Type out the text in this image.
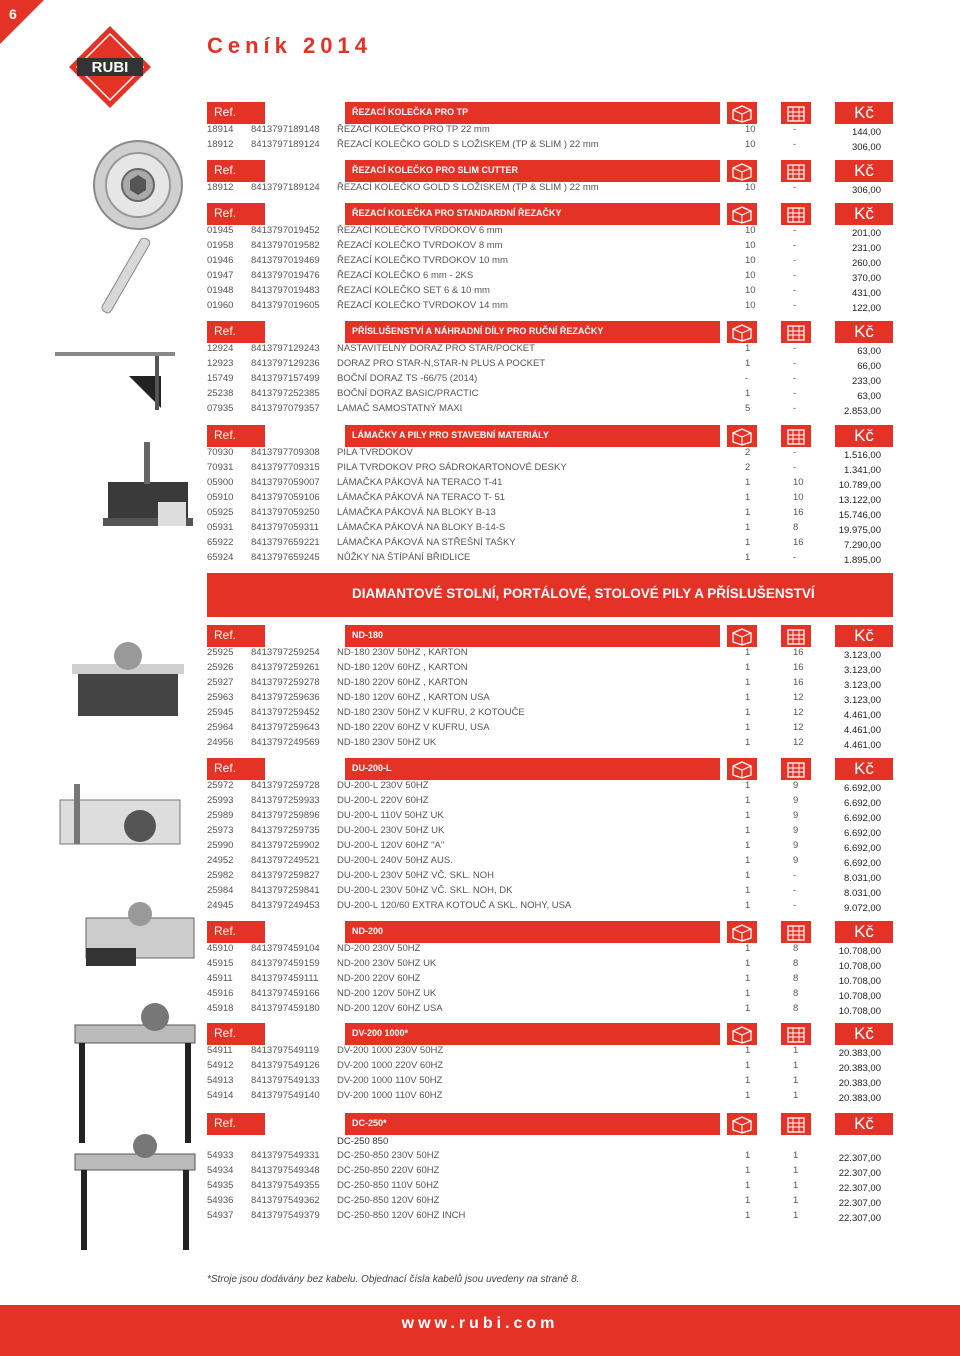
6
RUBI
Ceník 2014
Ref.
9348019890
ŘEZACÍ KOLEČKA PRO TP	Kč
18914 8413797189148 ŘEZACÍ KOLEČKO PRO TP 22 mm	10	-	144,00
18912 8413797189124 ŘEZACÍ KOLEČKO GOLD S LOŽISKEM (TP & SLIM ) 22 mm	10	-	306,00
Ref.
9348019890
ŘEZACÍ KOLEČKO PRO SLIM CUTTER	Kč
18912 8413797189124 ŘEZACÍ KOLEČKO GOLD S LOŽISKEM (TP & SLIM ) 22 mm	10	-	306,00
Ref.
9348019890
ŘEZACÍ KOLEČKA PRO STANDARDNÍ ŘEZAČKY	Kč
01945 8413797019452 ŘEZACÍ KOLEČKO TVRDOKOV 6 mm	10	-	201,00
01958 8413797019582 ŘEZACÍ KOLEČKO TVRDOKOV 8 mm	10	-	231,00
01946 8413797019469 ŘEZACÍ KOLEČKO TVRDOKOV 10 mm	10	-	260,00
01947 8413797019476 ŘEZACÍ KOLEČKO 6 mm - 2KS	10	-	370,00
01948 8413797019483 ŘEZACÍ KOLEČKO SET 6 & 10 mm	10	-	431,00
01960 8413797019605 ŘEZACÍ KOLEČKO TVRDOKOV 14 mm	10	-	122,00
Ref.
9348019890
PŘÍSLUŠENSTVÍ A NÁHRADNÍ DÍLY PRO RUČNÍ ŘEZAČKY	Kč
12924 8413797129243 NASTAVITELNÝ DORAZ PRO STAR/POCKET	1	-	63,00
12923 8413797129236 DORAZ PRO STAR-N,STAR-N PLUS A POCKET	1	-	66,00
15749 8413797157499 BOČNÍ DORAZ TS -66/75 (2014)	-	-	233,00
25238 8413797252385 BOČNÍ DORAZ BASIC/PRACTIC	1	-	63,00
07935 8413797079357 LAMAČ SAMOSTATNÝ MAXI	5	-	2.853,00
Ref.
9348019890
LÁMAČKY A PILY PRO STAVEBNÍ MATERIÁLY	Kč
70930 8413797709308 PILA TVRDOKOV	2	-	1.516,00
70931 8413797709315 PILA TVRDOKOV PRO SÁDROKARTONOVÉ DESKY	2	-	1.341,00
05900 8413797059007 LÁMAČKA PÁKOVÁ NA TERACO T-41	1	10	10.789,00
05910 8413797059106 LÁMAČKA PÁKOVÁ NA TERACO T- 51	1	10	13.122,00
05925 8413797059250 LÁMAČKA PÁKOVÁ NA BLOKY B-13	1	16	15.746,00
05931 8413797059311 LÁMAČKA PÁKOVÁ NA BLOKY B-14-S	1	8	19.975,00
65922 8413797659221 LÁMAČKA PÁKOVÁ NA STŘEŠNÍ TAŠKY	1	16	7.290,00
65924 8413797659245 NŮŽKY NA ŠTÍPÁNÍ BŘIDLICE	1	-	1.895,00
Ref.
9348019890
ND-180	Kč
25925 8413797259254 ND-180 230V 50HZ , KARTON	1	16	3.123,00
25926 8413797259261 ND-180 120V 60HZ , KARTON	1	16	3.123,00
25927 8413797259278 ND-180 220V 60HZ , KARTON	1	16	3.123,00
25963 8413797259636 ND-180 120V 60HZ , KARTON USA	1	12	3.123,00
25945 8413797259452 ND-180 230V 50HZ V KUFRU, 2 KOTOUČE	1	12	4.461,00
25964 8413797259643 ND-180 220V 60HZ V KUFRU, USA	1	12	4.461,00
24956 8413797249569 ND-180 230V 50HZ UK	1	12	4.461,00
Ref.
9348019890
DU-200-L	Kč
25972 8413797259728 DU-200-L 230V 50HZ	1	9	6.692,00
25993 8413797259933 DU-200-L 220V 60HZ	1	9	6.692,00
25989 8413797259896 DU-200-L 110V 50HZ UK	1	9	6.692,00
25973 8413797259735 DU-200-L 230V 50HZ UK	1	9	6.692,00
25990 8413797259902 DU-200-L 120V 60HZ "A"	1	9	6.692,00
24952 8413797249521 DU-200-L 240V 50HZ AUS.	1	9	6.692,00
25982 8413797259827 DU-200-L 230V 50HZ VČ. SKL. NOH	1	-	8.031,00
25984 8413797259841 DU-200-L 230V 50HZ VČ. SKL. NOH, DK	1	-	8.031,00
24945 8413797249453 DU-200-L 120/60 EXTRA KOTOUČ A SKL. NOHY, USA	1	-	9.072,00
Ref.
9348019890
ND-200	Kč
45910 8413797459104 ND-200 230V 50HZ	1	8	10.708,00
45915 8413797459159 ND-200 230V 50HZ UK	1	8	10.708,00
45911 8413797459111 ND-200 220V 60HZ	1	8	10.708,00
45916 8413797459166 ND-200 120V 50HZ UK	1	8	10.708,00
45918 8413797459180 ND-200 120V 60HZ USA	1	8	10.708,00
Ref.
9348019890
DV-200 1000*	Kč
54911 8413797549119 DV-200 1000 230V 50HZ	1	1	20.383,00
54912 8413797549126 DV-200 1000 220V 60HZ	1	1	20.383,00
54913 8413797549133 DV-200 1000 110V 50HZ	1	1	20.383,00
54914 8413797549140 DV-200 1000 110V 60HZ	1	1	20.383,00
Ref.
9348019890
DC-250*	Kč
DC-250 850
54933 8413797549331 DC-250-850 230V 50HZ	1	1	22.307,00
54934 8413797549348 DC-250-850 220V 60HZ	1	1	22.307,00
54935 8413797549355 DC-250-850 110V 50HZ	1	1	22.307,00
54936 8413797549362 DC-250-850 120V 60HZ	1	1	22.307,00
54937 8413797549379 DC-250-850 120V 60HZ INCH	1	1	22.307,00
DIAMANTOVÉ STOLNÍ, PORTÁLOVÉ, STOLOVÉ PILY A PŘÍSLUŠENSTVÍ
*Stroje jsou dodávány bez kabelu. Objednací čísla kabelů jsou uvedeny na straně 8.
www.rubi.com
